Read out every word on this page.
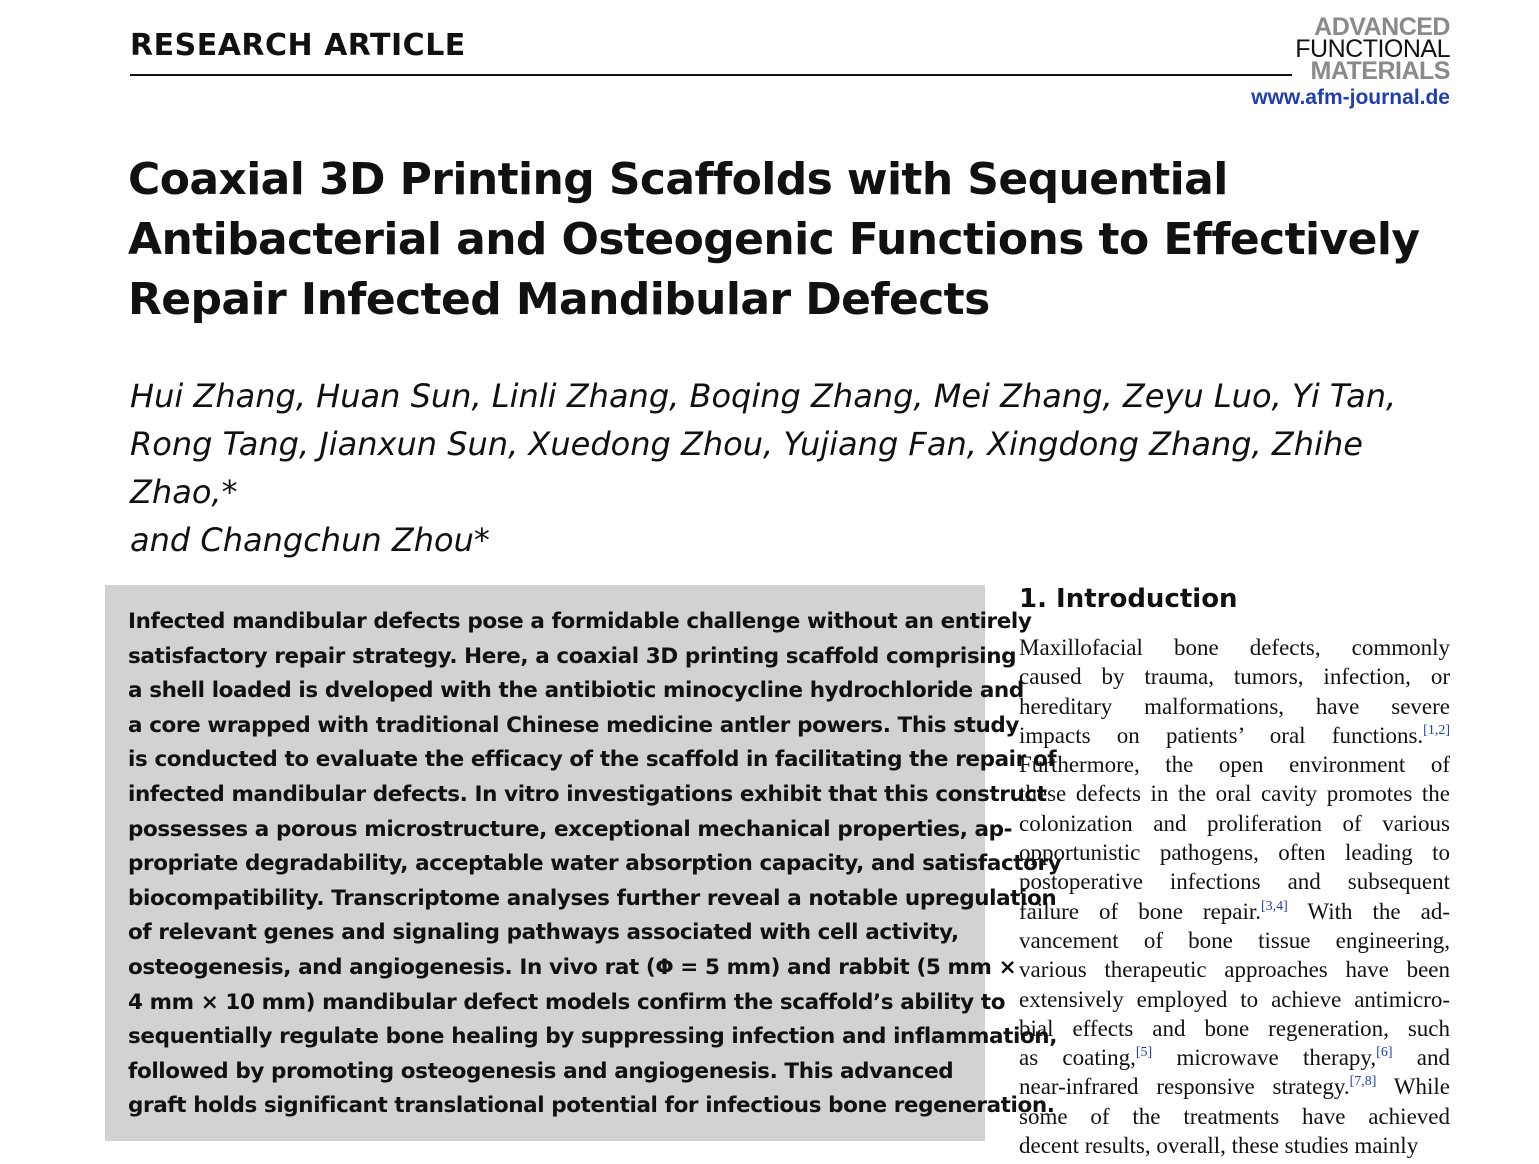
RESEARCH ARTICLE
ADVANCED
FUNCTIONAL
MATERIALS
www.afm-journal.de
Coaxial 3D Printing Scaffolds with Sequential Antibacterial and Osteogenic Functions to Effectively Repair Infected Mandibular Defects
Hui Zhang, Huan Sun, Linli Zhang, Boqing Zhang, Mei Zhang, Zeyu Luo, Yi Tan,
Rong Tang, Jianxun Sun, Xuedong Zhou, Yujiang Fan, Xingdong Zhang, Zhihe Zhao,*
and Changchun Zhou*
Infected mandibular defects pose a formidable challenge without an entirely
satisfactory repair strategy. Here, a coaxial 3D printing scaffold comprising
a shell loaded is dveloped with the antibiotic minocycline hydrochloride and
a core wrapped with traditional Chinese medicine antler powers. This study
is conducted to evaluate the efficacy of the scaffold in facilitating the repair of
infected mandibular defects. In vitro investigations exhibit that this construct
possesses a porous microstructure, exceptional mechanical properties, ap-
propriate degradability, acceptable water absorption capacity, and satisfactory
biocompatibility. Transcriptome analyses further reveal a notable upregulation
of relevant genes and signaling pathways associated with cell activity,
osteogenesis, and angiogenesis. In vivo rat (Φ = 5 mm) and rabbit (5 mm ×
4 mm × 10 mm) mandibular defect models confirm the scaffold’s ability to
sequentially regulate bone healing by suppressing infection and inflammation,
followed by promoting osteogenesis and angiogenesis. This advanced
graft holds significant translational potential for infectious bone regeneration.
1. Introduction
Maxillofacial bone defects, commonly
caused by trauma, tumors, infection, or
hereditary malformations, have severe
impacts on patients’ oral functions.[1,2]
Furthermore, the open environment of
these defects in the oral cavity promotes the
colonization and proliferation of various
opportunistic pathogens, often leading to
postoperative infections and subsequent
failure of bone repair.[3,4] With the ad-
vancement of bone tissue engineering,
various therapeutic approaches have been
extensively employed to achieve antimicro-
bial effects and bone regeneration, such
as coating,[5] microwave therapy,[6] and
near-infrared responsive strategy.[7,8] While
some of the treatments have achieved
decent results, overall, these studies mainly
